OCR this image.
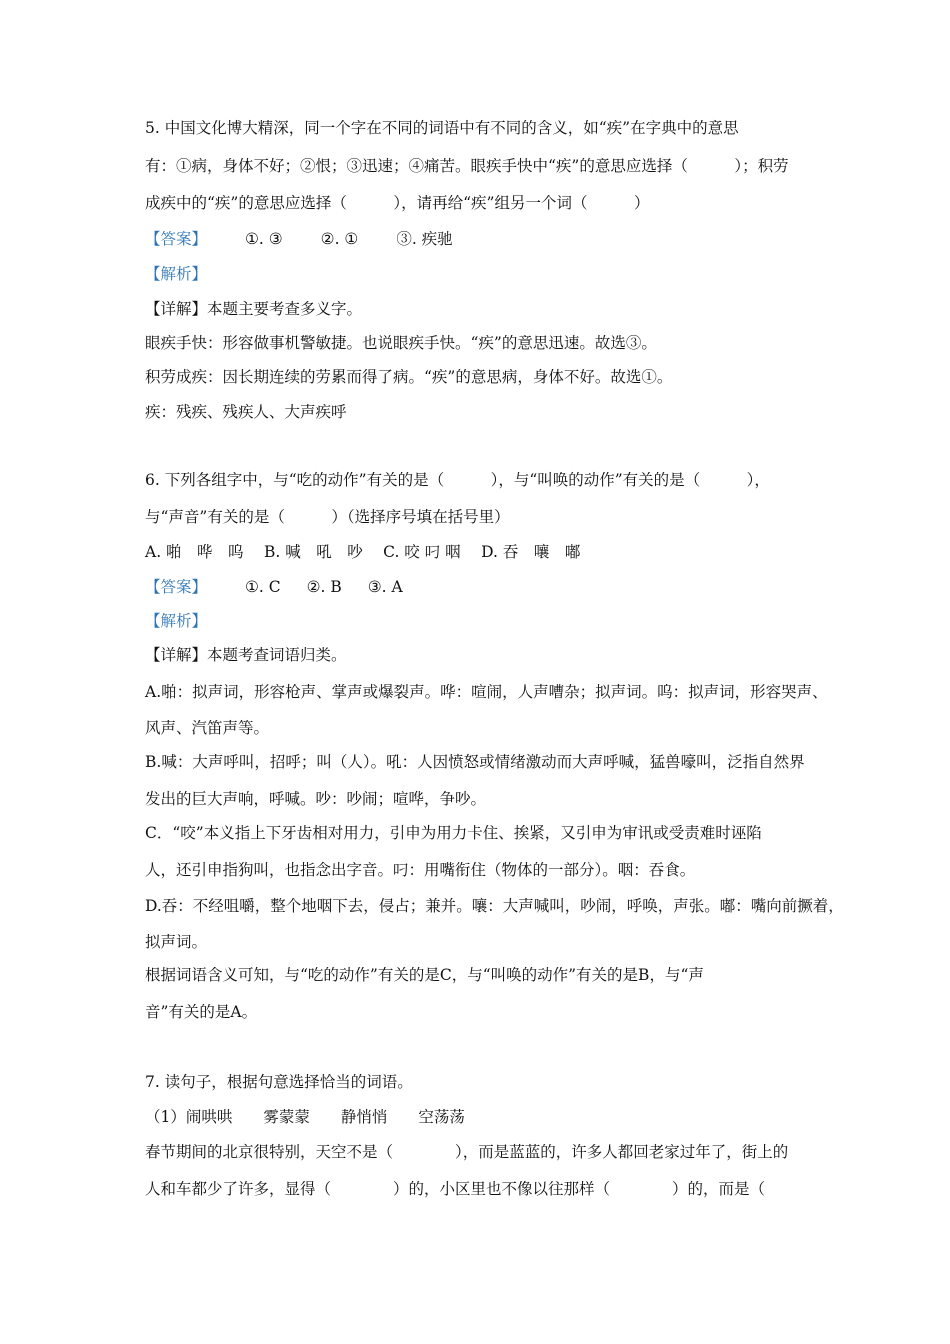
5. 中国文化博大精深，同一个字在不同的词语中有不同的含义，如“疾”在字典中的意思
有：①病，身体不好；②恨；③迅速；④痛苦。眼疾手快中“疾”的意思应选择（　　　）；积劳
成疾中的“疾”的意思应选择（　　　），请再给“疾”组另一个词（　　　）
【答案】 ①. ③ ②. ① ③. 疾驰
【解析】
【详解】本题主要考查多义字。
眼疾手快：形容做事机警敏捷。也说眼疾手快。“疾”的意思迅速。故选③。
积劳成疾：因长期连续的劳累而得了病。“疾”的意思病，身体不好。故选①。
疾：残疾、残疾人、大声疾呼
6. 下列各组字中，与“吃的动作”有关的是（　　　），与“叫唤的动作”有关的是（　　　），
与“声音”有关的是（　　　）（选择序号填在括号里）
A. 啪　哗　呜　 B. 喊　吼　吵　 C. 咬 叼 咽　 D. 吞　嚷　嘟
【答案】 ①. C ②. B ③. A
【解析】
【详解】本题考查词语归类。
A.啪：拟声词，形容枪声、掌声或爆裂声。哗：喧闹，人声嘈杂；拟声词。呜：拟声词，形容哭声、
风声、汽笛声等。
B.喊：大声呼叫，招呼；叫（人）。吼：人因愤怒或情绪激动而大声呼喊，猛兽嚎叫，泛指自然界
发出的巨大声响，呼喊。吵：吵闹；喧哗，争吵。
C．“咬”本义指上下牙齿相对用力，引申为用力卡住、挨紧，又引申为审讯或受责难时诬陷
人，还引申指狗叫，也指念出字音。叼：用嘴衔住（物体的一部分）。咽：吞食。
D.吞：不经咀嚼，整个地咽下去，侵占；兼并。嚷：大声喊叫，吵闹，呼唤，声张。嘟：嘴向前撅着，
拟声词。
根据词语含义可知，与“吃的动作”有关的是C，与“叫唤的动作”有关的是B，与“声
音”有关的是A。
7. 读句子，根据句意选择恰当的词语。
（1）闹哄哄　　雾蒙蒙　　静悄悄　　空荡荡
春节期间的北京很特别，天空不是（　　　　），而是蓝蓝的，许多人都回老家过年了，街上的
人和车都少了许多，显得（　　　　）的，小区里也不像以往那样（　　　　）的，而是（
